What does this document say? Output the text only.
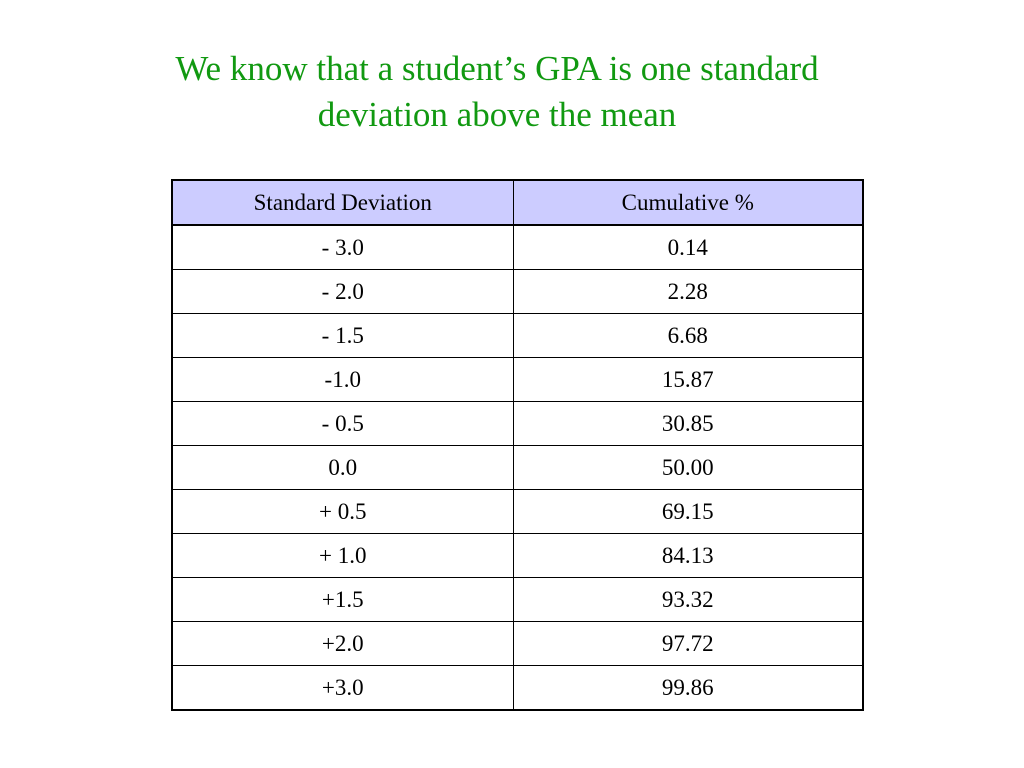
We know that a student’s GPA is one standard
deviation above the mean
Standard Deviation	Cumulative %
- 3.0	0.14
- 2.0	2.28
- 1.5	6.68
-1.0	15.87
- 0.5	30.85
0.0	50.00
+ 0.5	69.15
+ 1.0	84.13
+1.5	93.32
+2.0	97.72
+3.0	99.86
